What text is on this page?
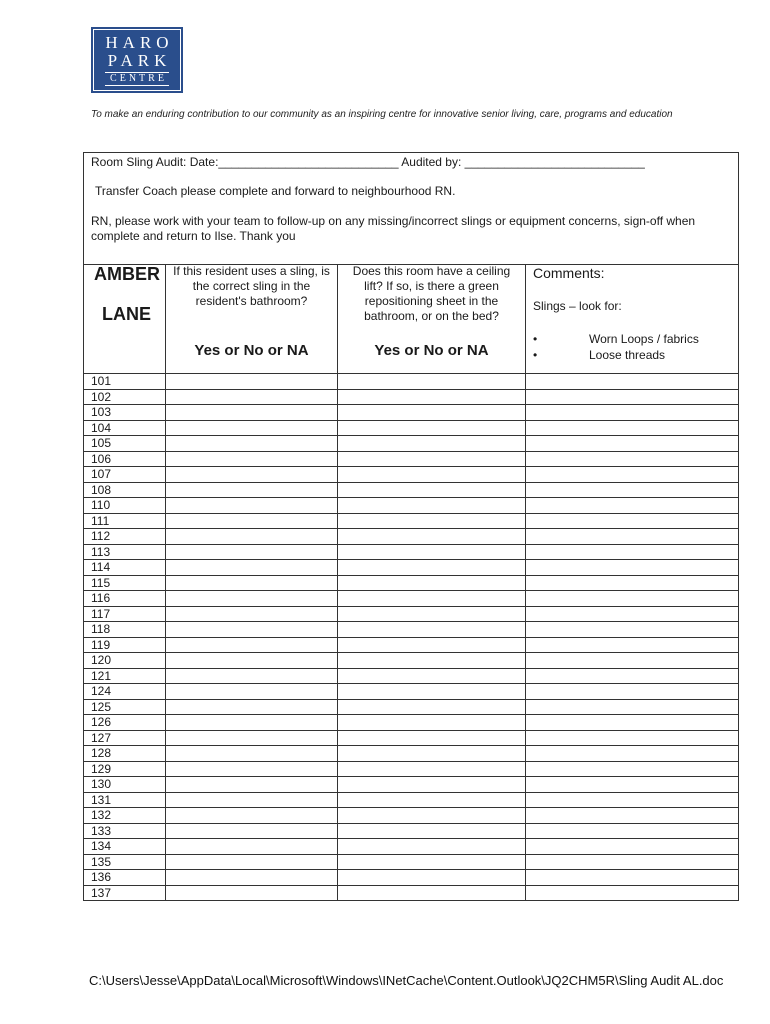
HARO
PARK
CENTRE
To make an enduring contribution to our community as an inspiring centre for innovative senior living, care, programs and education
Room Sling Audit: Date:___________________________ Audited by: ___________________________
Transfer Coach please complete and forward to neighbourhood RN.
RN, please work with your team to follow-up on any missing/incorrect slings or equipment concerns, sign-off when complete and return to Ilse. Thank you
AMBER
LANE
If this resident uses a sling, is the correct sling in the resident's bathroom?
Yes or No or NA
Does this room have a ceiling lift? If so, is there a green repositioning sheet in the bathroom, or on the bed?
Yes or No or NA
Comments:
Slings – look for:
•	Worn Loops / fabrics
•	Loose threads
101
102
103
104
105
106
107
108
110
111
112
113
114
115
116
117
118
119
120
121
124
125
126
127
128
129
130
131
132
133
134
135
136
137
C:\Users\Jesse\AppData\Local\Microsoft\Windows\INetCache\Content.Outlook\JQ2CHM5R\Sling Audit AL.doc
